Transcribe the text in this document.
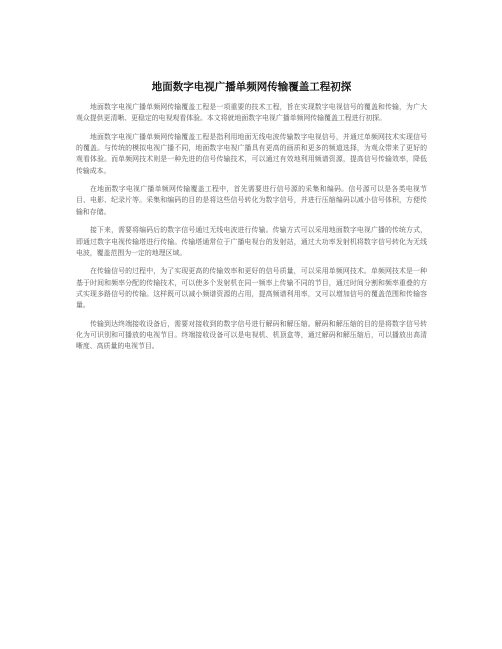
地面数字电视广播单频网传输覆盖工程初探

地面数字电视广播单频网传输覆盖工程是一项重要的技术工程，旨在实现数字电视信号的覆盖和传输，为广大观众提供更清晰、更稳定的电视观看体验。本文将就地面数字电视广播单频网传输覆盖工程进行初探。

地面数字电视广播单频网传输覆盖工程是指利用地面无线电波传输数字电视信号，并通过单频网技术实现信号的覆盖。与传统的模拟电视广播不同，地面数字电视广播具有更高的画质和更多的频道选择，为观众带来了更好的观看体验。而单频网技术则是一种先进的信号传输技术，可以通过有效地利用频谱资源，提高信号传输效率，降低传输成本。

在地面数字电视广播单频网传输覆盖工程中，首先需要进行信号源的采集和编码。信号源可以是各类电视节目、电影、纪录片等。采集和编码的目的是将这些信号转化为数字信号，并进行压缩编码以减小信号体积，方便传输和存储。

接下来，需要将编码后的数字信号通过无线电波进行传输。传输方式可以采用地面数字电视广播的传统方式，即通过数字电视传输塔进行传输。传输塔通常位于广播电视台的发射站，通过大功率发射机将数字信号转化为无线电波，覆盖范围为一定的地理区域。

在传输信号的过程中，为了实现更高的传输效率和更好的信号质量，可以采用单频网技术。单频网技术是一种基于时间和频率分配的传输技术，可以使多个发射机在同一频率上传输不同的节目，通过时间分割和频率重叠的方式实现多路信号的传输。这样既可以减小频谱资源的占用，提高频谱利用率，又可以增加信号的覆盖范围和传输容量。

传输到达终端接收设备后，需要对接收到的数字信号进行解码和解压缩。解码和解压缩的目的是将数字信号转化为可识别和可播放的电视节目。终端接收设备可以是电视机、机顶盒等，通过解码和解压缩后，可以播放出高清晰度、高质量的电视节目。
